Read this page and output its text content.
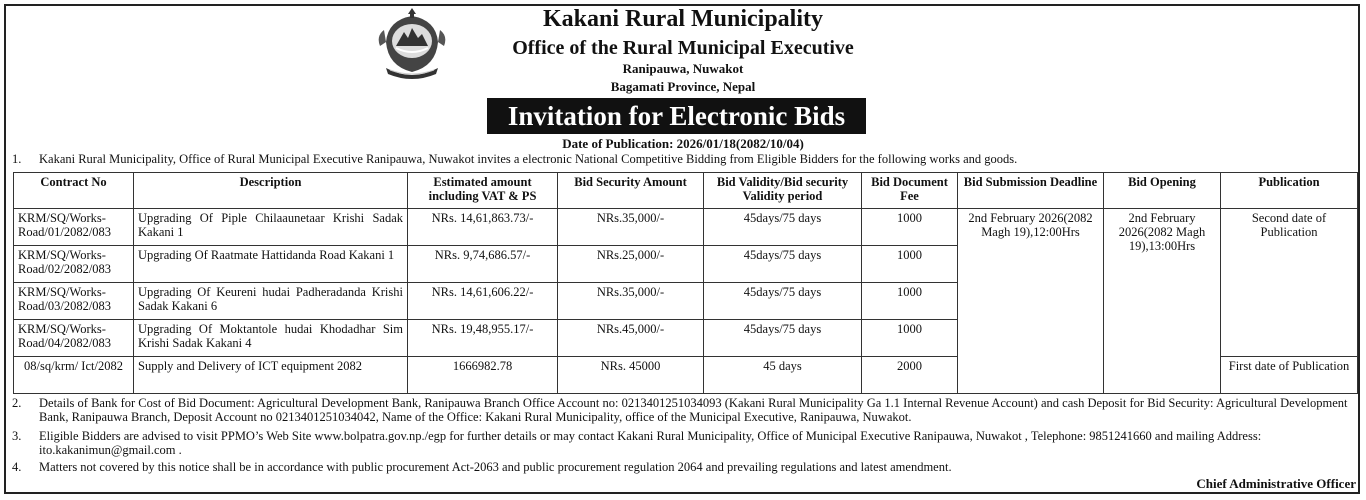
Kakani Rural Municipality
Office of the Rural Municipal Executive
Ranipauwa, Nuwakot
Bagamati Province, Nepal
Invitation for Electronic Bids
Date of Publication: 2026/01/18(2082/10/04)
1.	Kakani Rural Municipality, Office of Rural Municipal Executive Ranipauwa, Nuwakot invites a electronic National Competitive Bidding from Eligible Bidders for the following works and goods.
Contract No	Description	Estimated amount including VAT & PS	Bid Security Amount	Bid Validity/Bid security Validity period	Bid Document Fee	Bid Submission Deadline	Bid Opening	Publication
KRM/SQ/Works-Road/01/2082/083	Upgrading Of Piple Chilaaunetaar Krishi Sadak Kakani 1	NRs. 14,61,863.73/-	NRs.35,000/-	45days/75 days	1000	2nd February 2026(2082 Magh 19),12:00Hrs	2nd February 2026(2082 Magh 19),13:00Hrs	Second date of Publication
KRM/SQ/Works-Road/02/2082/083	Upgrading Of Raatmate Hattidanda Road Kakani 1	NRs. 9,74,686.57/-	NRs.25,000/-	45days/75 days	1000			
KRM/SQ/Works-Road/03/2082/083	Upgrading Of Keureni hudai Padheradanda Krishi Sadak Kakani 6	NRs. 14,61,606.22/-	NRs.35,000/-	45days/75 days	1000			
KRM/SQ/Works-Road/04/2082/083	Upgrading Of Moktantole hudai Khodadhar Sim Krishi Sadak Kakani 4	NRs. 19,48,955.17/-	NRs.45,000/-	45days/75 days	1000			
08/sq/krm/ Ict/2082	Supply and Delivery of ICT equipment 2082	1666982.78	NRs. 45000	45 days	2000			First date of Publication
2.	Details of Bank for Cost of Bid Document: Agricultural Development Bank, Ranipauwa Branch Office Account no: 0213401251034093 (Kakani Rural Municipality Ga 1.1 Internal Revenue Account) and cash Deposit for Bid Security: Agricultural Development Bank, Ranipauwa Branch, Deposit Account no 0213401251034042, Name of the Office: Kakani Rural Municipality, office of the Municipal Executive, Ranipauwa, Nuwakot.
3.	Eligible Bidders are advised to visit PPMO’s Web Site www.bolpatra.gov.np./egp for further details or may contact Kakani Rural Municipality, Office of Municipal Executive Ranipauwa, Nuwakot , Telephone: 9851241660 and mailing Address: ito.kakanimun@gmail.com .
4.	Matters not covered by this notice shall be in accordance with public procurement Act-2063 and public procurement regulation 2064 and prevailing regulations and latest amendment.
Chief Administrative Officer
